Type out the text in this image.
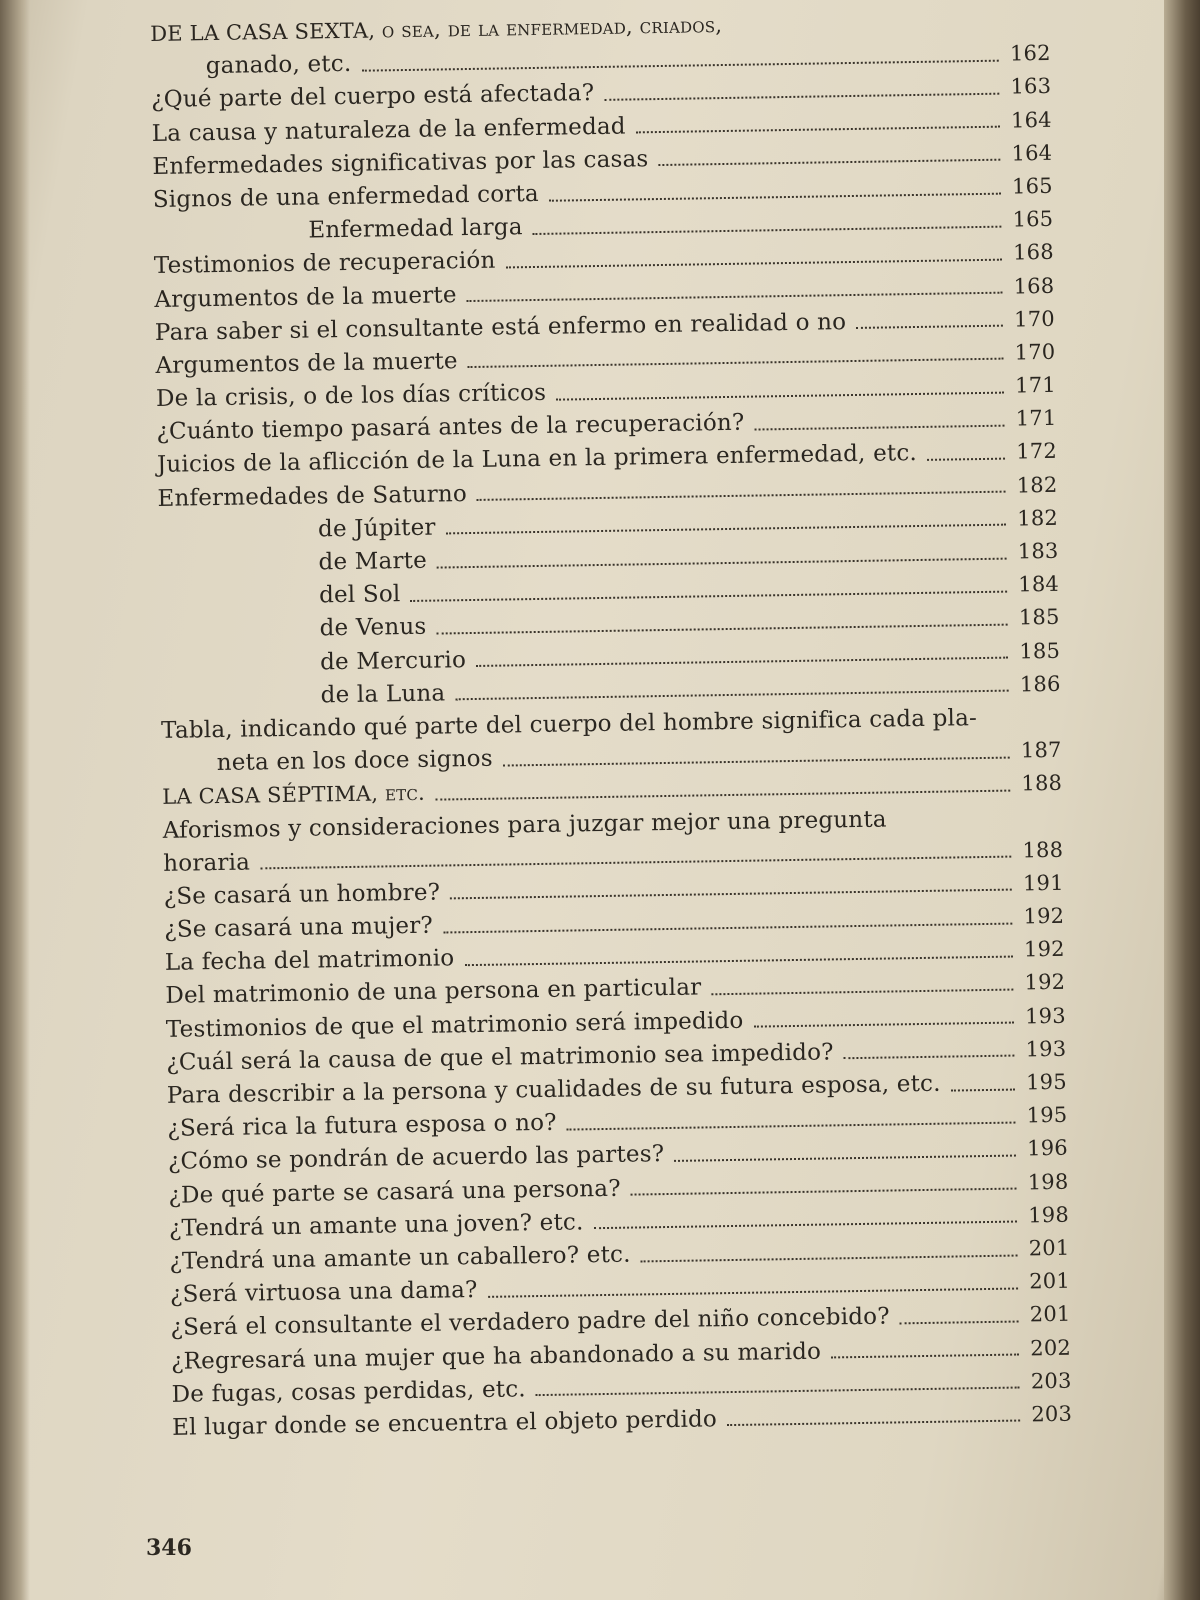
DE LA CASA SEXTA, o sea, de la enfermedad, criados,
ganado, etc.	162
¿Qué parte del cuerpo está afectada?	163
La causa y naturaleza de la enfermedad	164
Enfermedades significativas por las casas	164
Signos de una enfermedad corta	165
Enfermedad larga	165
Testimonios de recuperación	168
Argumentos de la muerte	168
Para saber si el consultante está enfermo en realidad o no	170
Argumentos de la muerte	170
De la crisis, o de los días críticos	171
¿Cuánto tiempo pasará antes de la recuperación?	171
Juicios de la aflicción de la Luna en la primera enfermedad, etc.	172
Enfermedades de Saturno	182
de Júpiter	182
de Marte	183
del Sol	184
de Venus	185
de Mercurio	185
de la Luna	186
Tabla, indicando qué parte del cuerpo del hombre significa cada pla-
neta en los doce signos	187
LA CASA SÉPTIMA, etc.	188
Aforismos y consideraciones para juzgar mejor una pregunta
horaria	188
¿Se casará un hombre?	191
¿Se casará una mujer?	192
La fecha del matrimonio	192
Del matrimonio de una persona en particular	192
Testimonios de que el matrimonio será impedido	193
¿Cuál será la causa de que el matrimonio sea impedido?	193
Para describir a la persona y cualidades de su futura esposa, etc.	195
¿Será rica la futura esposa o no?	195
¿Cómo se pondrán de acuerdo las partes?	196
¿De qué parte se casará una persona?	198
¿Tendrá un amante una joven? etc.	198
¿Tendrá una amante un caballero? etc.	201
¿Será virtuosa una dama?	201
¿Será el consultante el verdadero padre del niño concebido?	201
¿Regresará una mujer que ha abandonado a su marido	202
De fugas, cosas perdidas, etc.	203
El lugar donde se encuentra el objeto perdido	203
346
